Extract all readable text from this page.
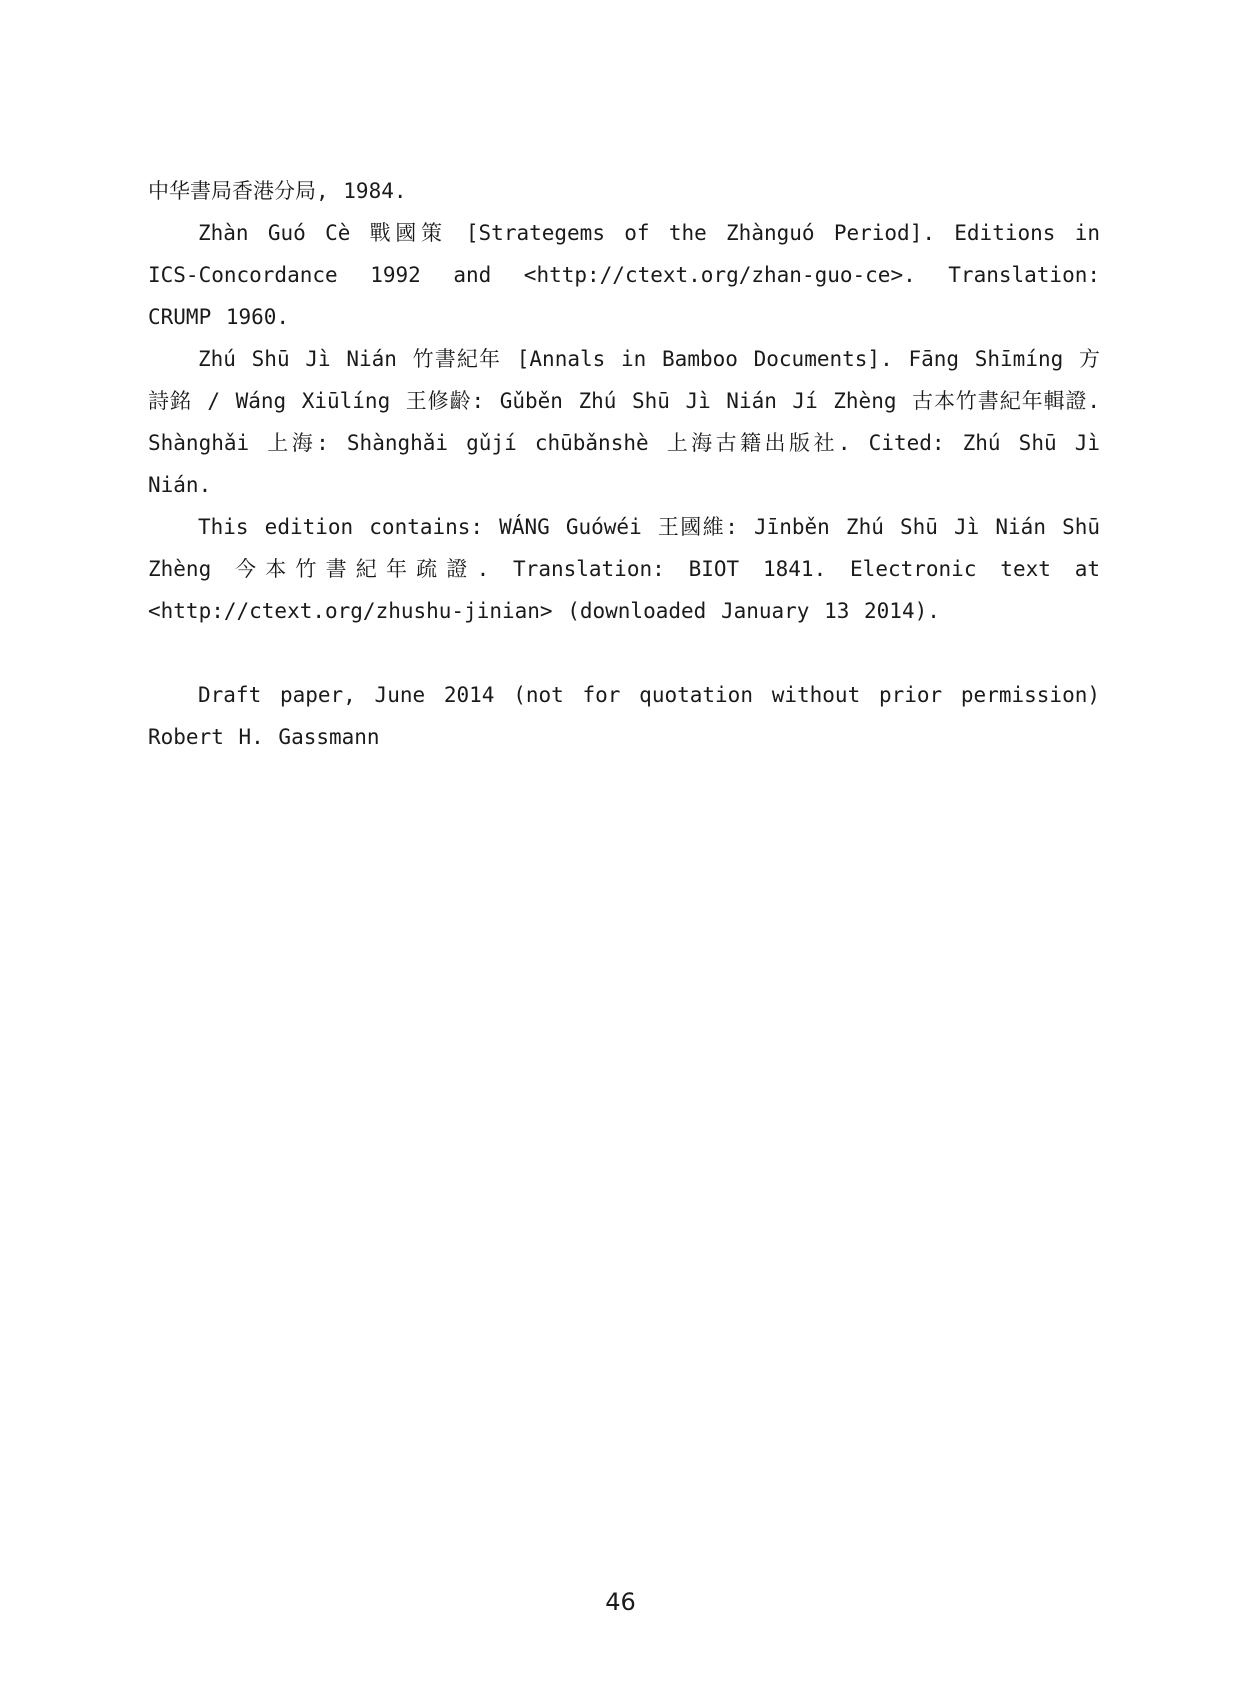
中华書局香港分局, 1984.

Zhàn Guó Cè 戰國策 [Strategems of the Zhànguó Period]. Editions in ICS-Concordance 1992 and <http://ctext.org/zhan-guo-ce>. Translation: CRUMP 1960.

Zhú Shū Jì Nián 竹書紀年 [Annals in Bamboo Documents]. Fāng Shīmíng 方詩銘 / Wáng Xiūlíng 王修齡: Gǔběn Zhú Shū Jì Nián Jí Zhèng 古本竹書紀年輯證. Shànghǎi 上海: Shànghǎi gǔjí chūbǎnshè 上海古籍出版社. Cited: Zhú Shū Jì Nián.

This edition contains: WÁNG Guówéi 王國維: Jīnběn Zhú Shū Jì Nián Shū Zhèng 今本竹書紀年疏證. Translation: BIOT 1841. Electronic text at <http://ctext.org/zhushu-jinian> (downloaded January 13 2014).

Draft paper, June 2014 (not for quotation without prior permission) Robert H. Gassmann

46
